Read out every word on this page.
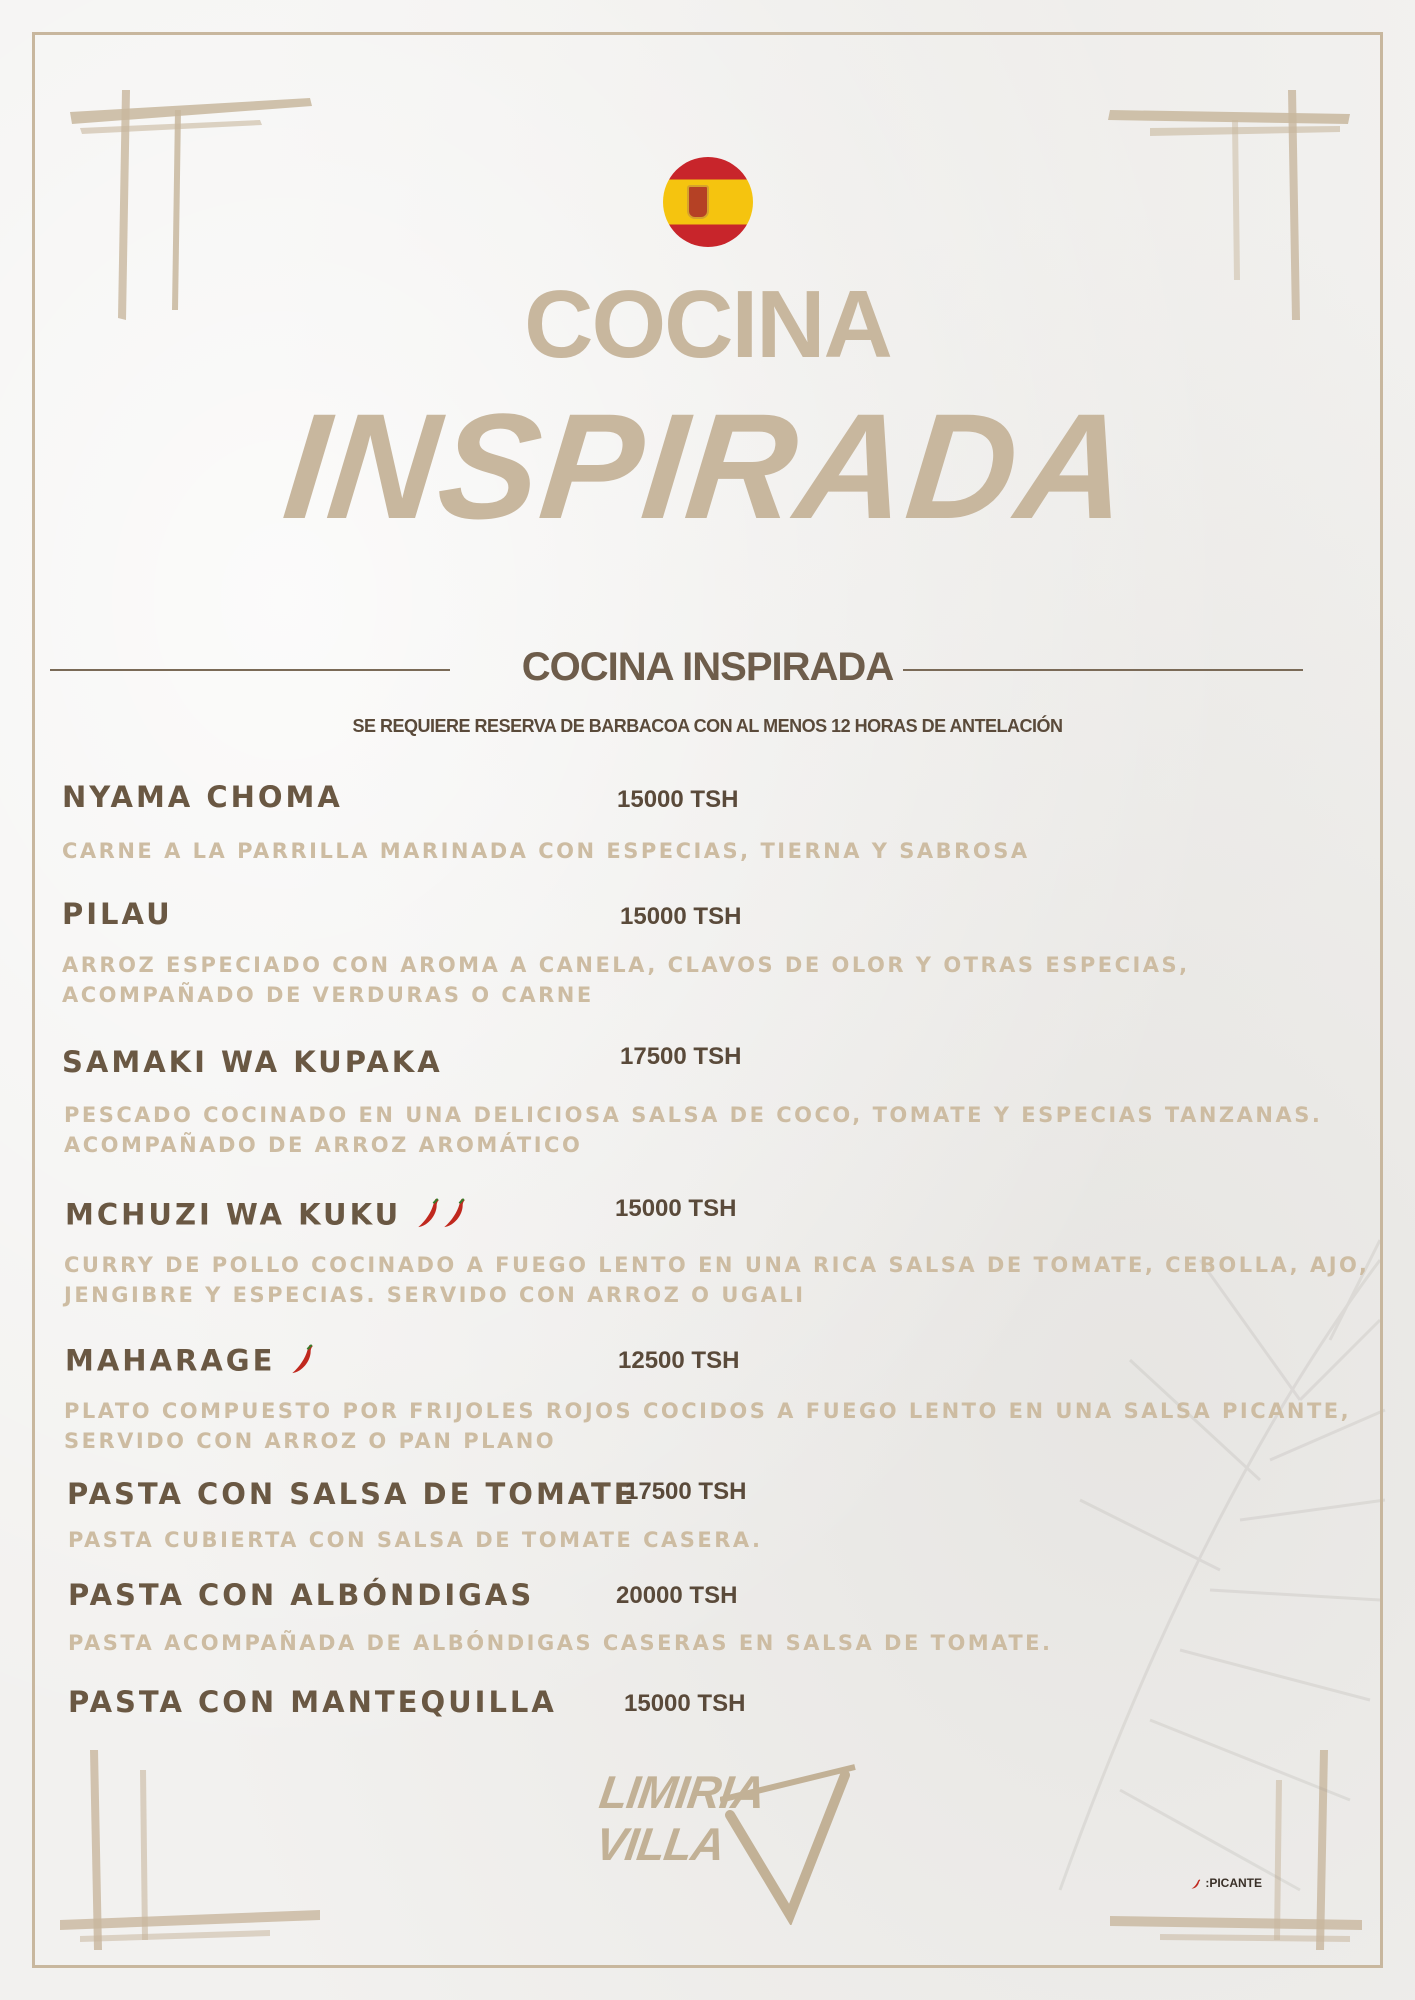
COCINA
INSPIRADA
COCINA INSPIRADA
SE REQUIERE RESERVA DE BARBACOA CON AL MENOS 12 HORAS DE ANTELACIÓN
NYAMA CHOMA	15000 TSH
CARNE A LA PARRILLA MARINADA CON ESPECIAS, TIERNA Y SABROSA
PILAU	15000 TSH
ARROZ ESPECIADO CON AROMA A CANELA, CLAVOS DE OLOR Y OTRAS ESPECIAS,
ACOMPAÑADO DE VERDURAS O CARNE
SAMAKI WA KUPAKA	17500 TSH
PESCADO COCINADO EN UNA DELICIOSA SALSA DE COCO, TOMATE Y ESPECIAS TANZANAS.
ACOMPAÑADO DE ARROZ AROMÁTICO
MCHUZI WA KUKU	15000 TSH
CURRY DE POLLO COCINADO A FUEGO LENTO EN UNA RICA SALSA DE TOMATE, CEBOLLA, AJO,
JENGIBRE Y ESPECIAS. SERVIDO CON ARROZ O UGALI
MAHARAGE	12500 TSH
PLATO COMPUESTO POR FRIJOLES ROJOS COCIDOS A FUEGO LENTO EN UNA SALSA PICANTE,
SERVIDO CON ARROZ O PAN PLANO
PASTA CON SALSA DE TOMATE
17500 TSH
PASTA CUBIERTA CON SALSA DE TOMATE CASERA.
PASTA CON ALBÓNDIGAS	20000 TSH
PASTA ACOMPAÑADA DE ALBÓNDIGAS CASERAS EN SALSA DE TOMATE.
PASTA CON MANTEQUILLA	15000 TSH
LIMIRIA
VILLA
:PICANTE
